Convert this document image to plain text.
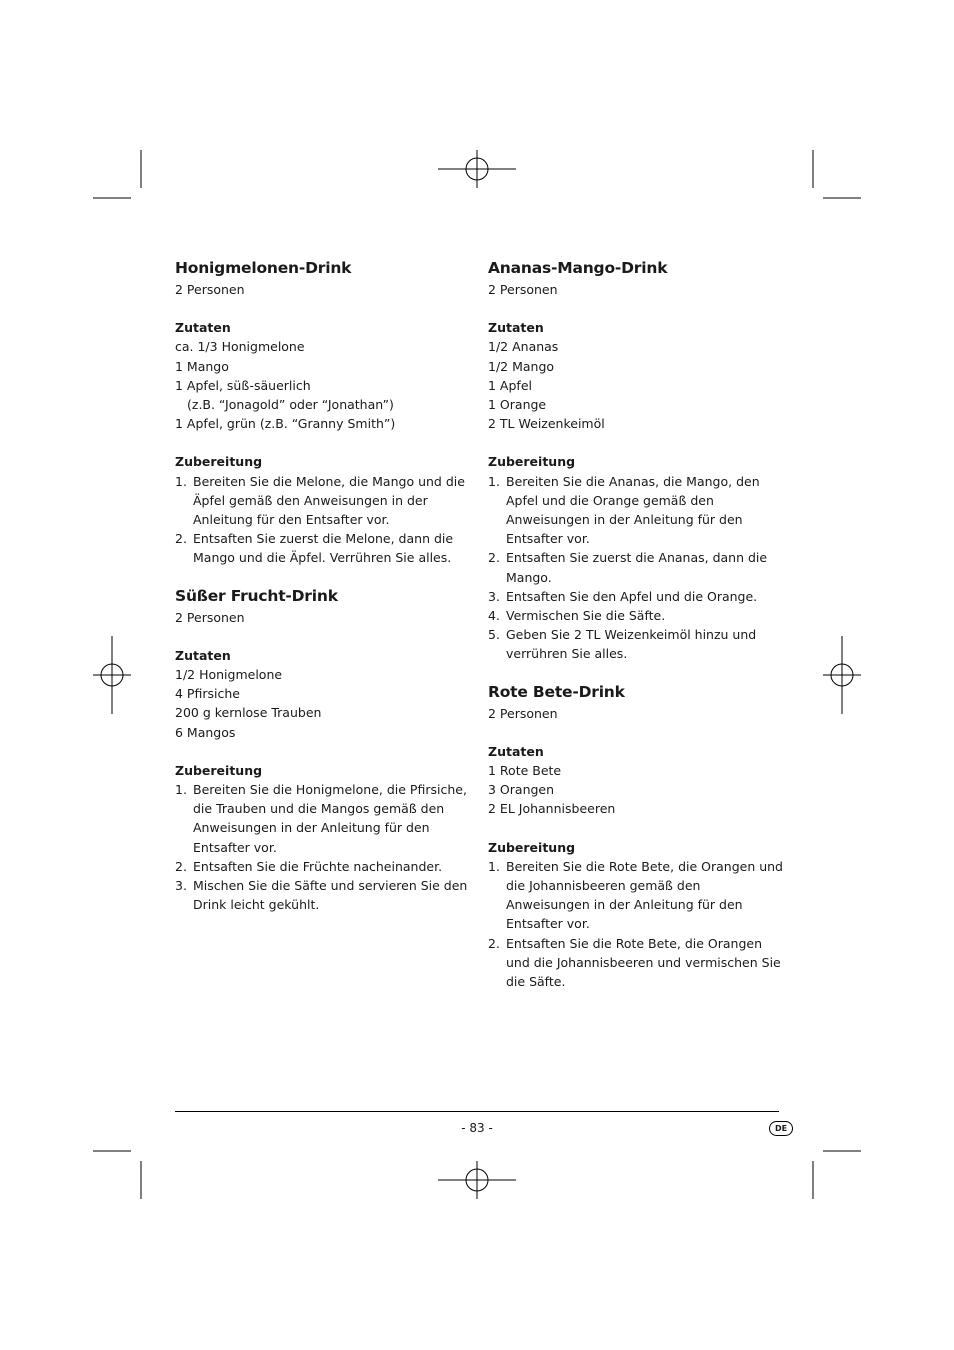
Honigmelonen-Drink

2 Personen

Zutaten

ca. 1/3 Honigmelone

1 Mango

1 Apfel, süß-säuerlich

(z.B. “Jonagold” oder “Jonathan”)

1 Apfel, grün (z.B. “Granny Smith”)

Zubereitung

1. Bereiten Sie die Melone, die Mango und die Äpfel gemäß den Anweisungen in der Anleitung für den Entsafter vor.
2. Entsaften Sie zuerst die Melone, dann die Mango und die Äpfel. Verrühren Sie alles.
Süßer Frucht-Drink

2 Personen

Zutaten

1/2 Honigmelone

4 Pfirsiche

200 g kernlose Trauben

6 Mangos

Zubereitung

1. Bereiten Sie die Honigmelone, die Pfirsiche, die Trauben und die Mangos gemäß den Anweisungen in der Anleitung für den Entsafter vor.
2. Entsaften Sie die Früchte nacheinander.
3. Mischen Sie die Säfte und servieren Sie den Drink leicht gekühlt.
Ananas-Mango-Drink

2 Personen

Zutaten

1/2 Ananas

1/2 Mango

1 Apfel

1 Orange

2 TL Weizenkeimöl

Zubereitung

1. Bereiten Sie die Ananas, die Mango, den Apfel und die Orange gemäß den Anweisungen in der Anleitung für den Entsafter vor.
2. Entsaften Sie zuerst die Ananas, dann die Mango.
3. Entsaften Sie den Apfel und die Orange.
4. Vermischen Sie die Säfte.
5. Geben Sie 2 TL Weizenkeimöl hinzu und verrühren Sie alles.
Rote Bete-Drink

2 Personen

Zutaten

1 Rote Bete

3 Orangen

2 EL Johannisbeeren

Zubereitung

1. Bereiten Sie die Rote Bete, die Orangen und die Johannisbeeren gemäß den Anweisungen in der Anleitung für den Entsafter vor.
2. Entsaften Sie die Rote Bete, die Orangen und die Johannisbeeren und vermischen Sie die Säfte.
- 83 -	DE
